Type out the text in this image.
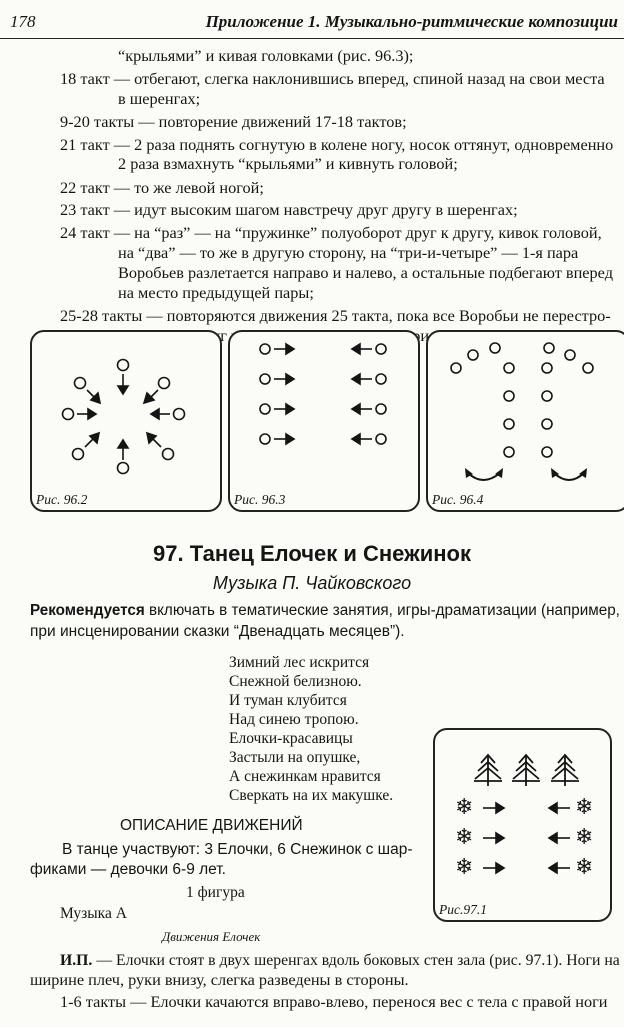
178	Приложение 1. Музыкально-ритмические композиции
“крыльями” и кивая головками (рис. 96.3);
18 такт — отбегают, слегка наклонившись вперед, спиной назад на свои места
в шеренгах;
9-20 такты — повторение движений 17-18 тактов;
21 такт — 2 раза поднять согнутую в колене ногу, носок оттянут, одновременно
2 раза взмахнуть “крыльями” и кивнуть головой;
22 такт — то же левой ногой;
23 такт — идут высоким шагом навстречу друг другу в шеренгах;
24 такт — на “раз” — на “пружинке” полуоборот друг к другу, кивок головой,
на “два” — то же в другую сторону, на “три-и-четыре” — 1-я пара
Воробьев разлетается направо и налево, а остальные подбегают вперед
на место предыдущей пары;
25-28 такты — повторяются движения 25 такта, пока все Воробьи не перестро-
рис.
Рис. 96.2	Рис. 96.3	Рис. 96.4
97. Танец Елочек и Снежинок
Музыка П. Чайковского
Рекомендуется включать в тематические занятия, игры-драматизации (например,
при инсценировании сказки “Двенадцать месяцев”).
Зимний лес искрится
Снежной белизною.
И туман клубится
Над синею тропою.
Елочки-красавицы
Застыли на опушке,
А снежинкам нравится
Сверкать на их макушке.	❄
❄
❄
❄
❄
❄
Рис.97.1
ОПИСАНИЕ ДВИЖЕНИЙ
В танце участвуют: 3 Елочки, 6 Снежинок с шар-
фиками — девочки 6-9 лет.
1 фигура
Музыка А
Движения Елочек
И.П. — Елочки стоят в двух шеренгах вдоль боковых стен зала (рис. 97.1). Ноги на
ширине плеч, руки внизу, слегка разведены в стороны.
1-6 такты — Елочки качаются вправо-влево, перенося вес с тела с правой ноги
